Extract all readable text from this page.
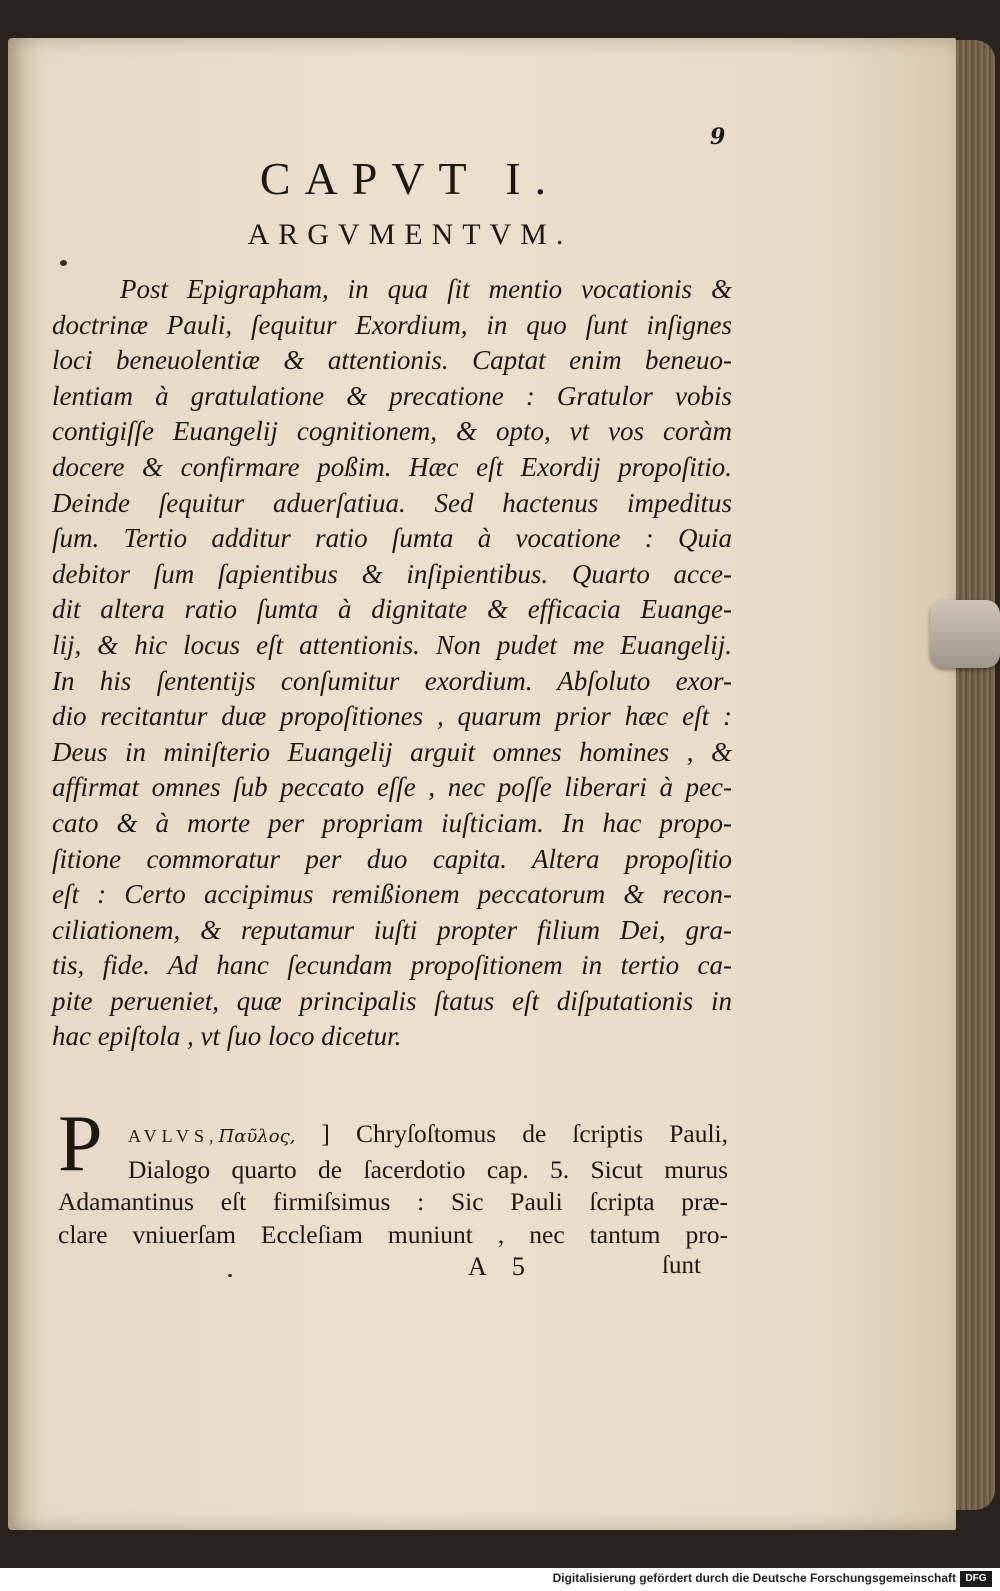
9
CAPVT I.
ARGVMENTVM.
Post Epigrapham, in qua ſit mentio vocationis &
doctrinæ Pauli, ſequitur Exordium, in quo ſunt inſignes
loci beneuolentiæ & attentionis. Captat enim beneuo-
lentiam à gratulatione & precatione : Gratulor vobis
contigiſſe Euangelij cognitionem, & opto, vt vos coràm
docere & confirmare poßim. Hæc eſt Exordij propoſitio.
Deinde ſequitur aduerſatiua. Sed hactenus impeditus
ſum. Tertio additur ratio ſumta à vocatione : Quia
debitor ſum ſapientibus & inſipientibus. Quarto acce-
dit altera ratio ſumta à dignitate & efficacia Euange-
lij, & hic locus eſt attentionis. Non pudet me Euangelij.
In his ſententijs conſumitur exordium. Abſoluto exor-
dio recitantur duæ propoſitiones , quarum prior hæc eſt :
Deus in miniſterio Euangelij arguit omnes homines , &
affirmat omnes ſub peccato eſſe , nec poſſe liberari à pec-
cato & à morte per propriam iuſticiam. In hac propo-
ſitione commoratur per duo capita. Altera propoſitio
eſt : Certo accipimus remißionem peccatorum & recon-
ciliationem, & reputamur iuſti propter filium Dei, gra-
tis, fide. Ad hanc ſecundam propoſitionem in tertio ca-
pite perueniet, quæ principalis ſtatus eſt diſputationis in
hac epiſtola , vt ſuo loco dicetur.
P	AVLVS,Παῦλος, ] Chryſoſtomus de ſcriptis Pauli,
Dialogo quarto de ſacerdotio cap. 5. Sicut murus
Adamantinus eſt firmiſsimus : Sic Pauli ſcripta præ-
clare vniuerſam Eccleſiam muniunt , nec tantum pro-
A 5	ſunt
Digitalisierung gefördert durch die Deutsche Forschungsgemeinschaft DFG
